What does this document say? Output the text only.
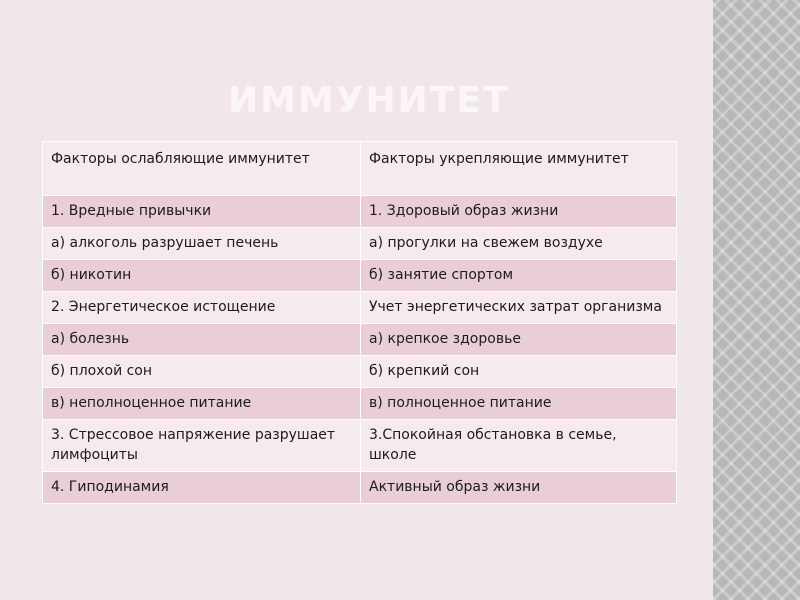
ИММУНИТЕТ
Факторы ослабляющие иммунитет	Факторы укрепляющие иммунитет
1. Вредные привычки	1. Здоровый образ жизни
а) алкоголь разрушает печень	а) прогулки на свежем воздухе
б) никотин	б) занятие спортом
2. Энергетическое истощение	Учет энергетических затрат организма
а) болезнь	а) крепкое здоровье
б) плохой сон	б) крепкий сон
в) неполноценное питание	в) полноценное питание
3. Стрессовое напряжение разрушает лимфоциты	3.Спокойная обстановка в семье, школе
4. Гиподинамия	Активный образ жизни
